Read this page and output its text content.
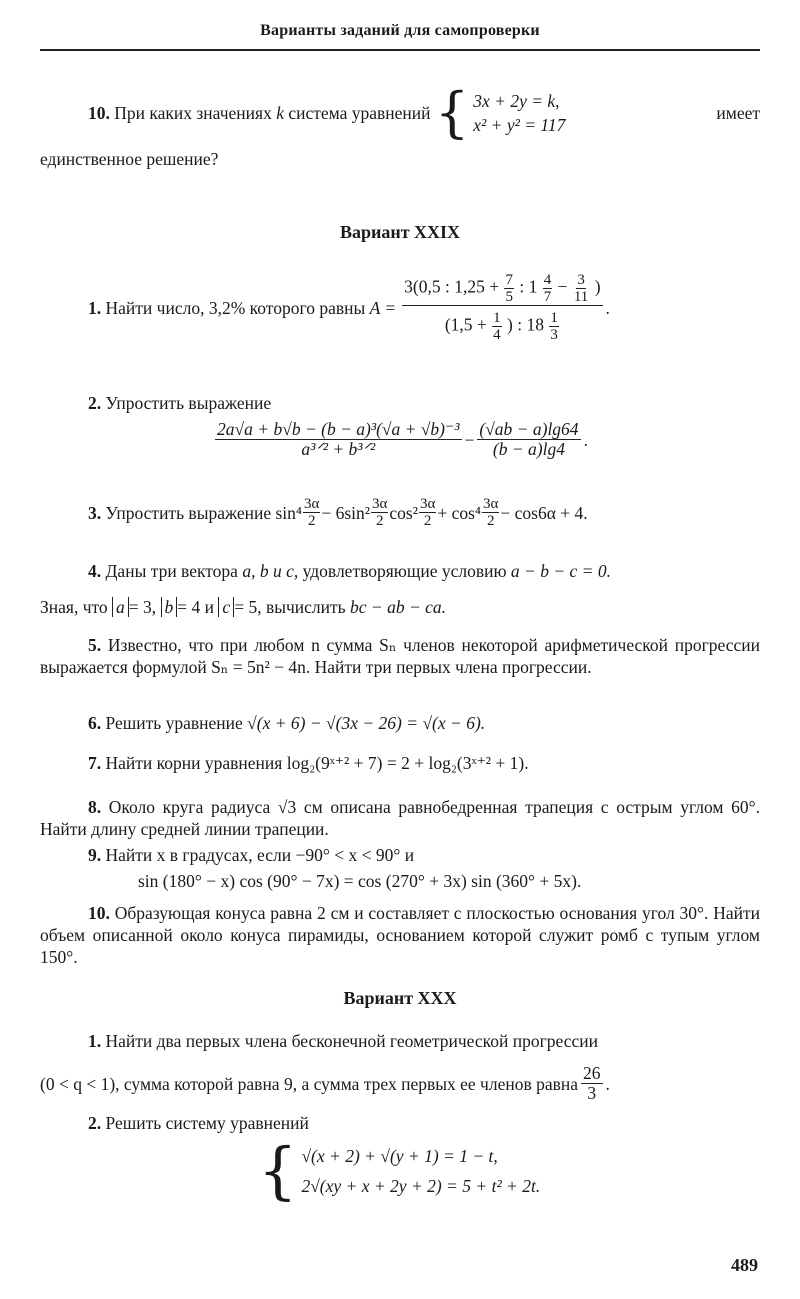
Варианты заданий для самопроверки
10.
При каких значениях
k
система уравнений
{ 3x + 2y = k,
x² + y² = 117
имеет
единственное решение?
Вариант XXIX
1.
Найти число, 3,2% которого равны
A =
3(0,5 : $1,25 + \frac{7}{5}$ : $1 \frac{4}{7} - \frac{3}{11}$ )
($1,5 + \frac{1}{4}$ ) : $18 \frac{1}{3}$
.
2. Упростить выражение
$\frac{\text{2a√a + b√b − (b − a)³(√a + √b)⁻³}}{\text{a³ᐟ² + b³ᐟ²}} - \frac{(√ab - a)\lg 64}{(b - a)\lg 4}$ .
3.
Упростить выражение
$\sin^4 \frac{3\alpha}{2} - 6\sin^2 \frac{3\alpha}{2} \cos^2 \frac{3\alpha}{2} + \cos^4 \frac{3\alpha}{2} - \cos 6\alpha + 4$.
4. Даны три вектора a, b и c, удовлетворяющие условию a − b − c = 0.
Зная, что a = 3, b = 4 и c = 5, вычислить bc − ab − ca.
5. Известно, что при любом n сумма Sₙ членов некоторой арифметической прогрессии выражается формулой Sₙ = 5n² − 4n. Найти три первых члена прогрессии.
6. Решить уравнение √(x + 6) − √(3x − 26) = √(x − 6).
7. Найти корни уравнения log₂(9ˣ⁺² + 7) = 2 + log₂(3ˣ⁺² + 1).
8. Около круга радиуса √3 см описана равнобедренная трапеция с острым углом 60°. Найти длину средней линии трапеции.
9. Найти x в градусах, если −90° < x < 90° и
sin (180° − x) cos (90° − 7x) = cos (270° + 3x) sin (360° + 5x).
10. Образующая конуса равна 2 см и составляет с плоскостью основания угол 30°. Найти объем описанной около конуса пирамиды, основанием которой служит ромб с тупым углом 150°.
Вариант XXX
1. Найти два первых члена бесконечной геометрической прогрессии
(0 < q < 1), сумма которой равна 9, а сумма трех первых ее членов равна $\frac{26}{3}$ .
2. Решить систему уравнений
{ √(x + 2) + √(y + 1) = 1 − t,
2√(xy + x + 2y + 2) = 5 + t² + 2t.
489
